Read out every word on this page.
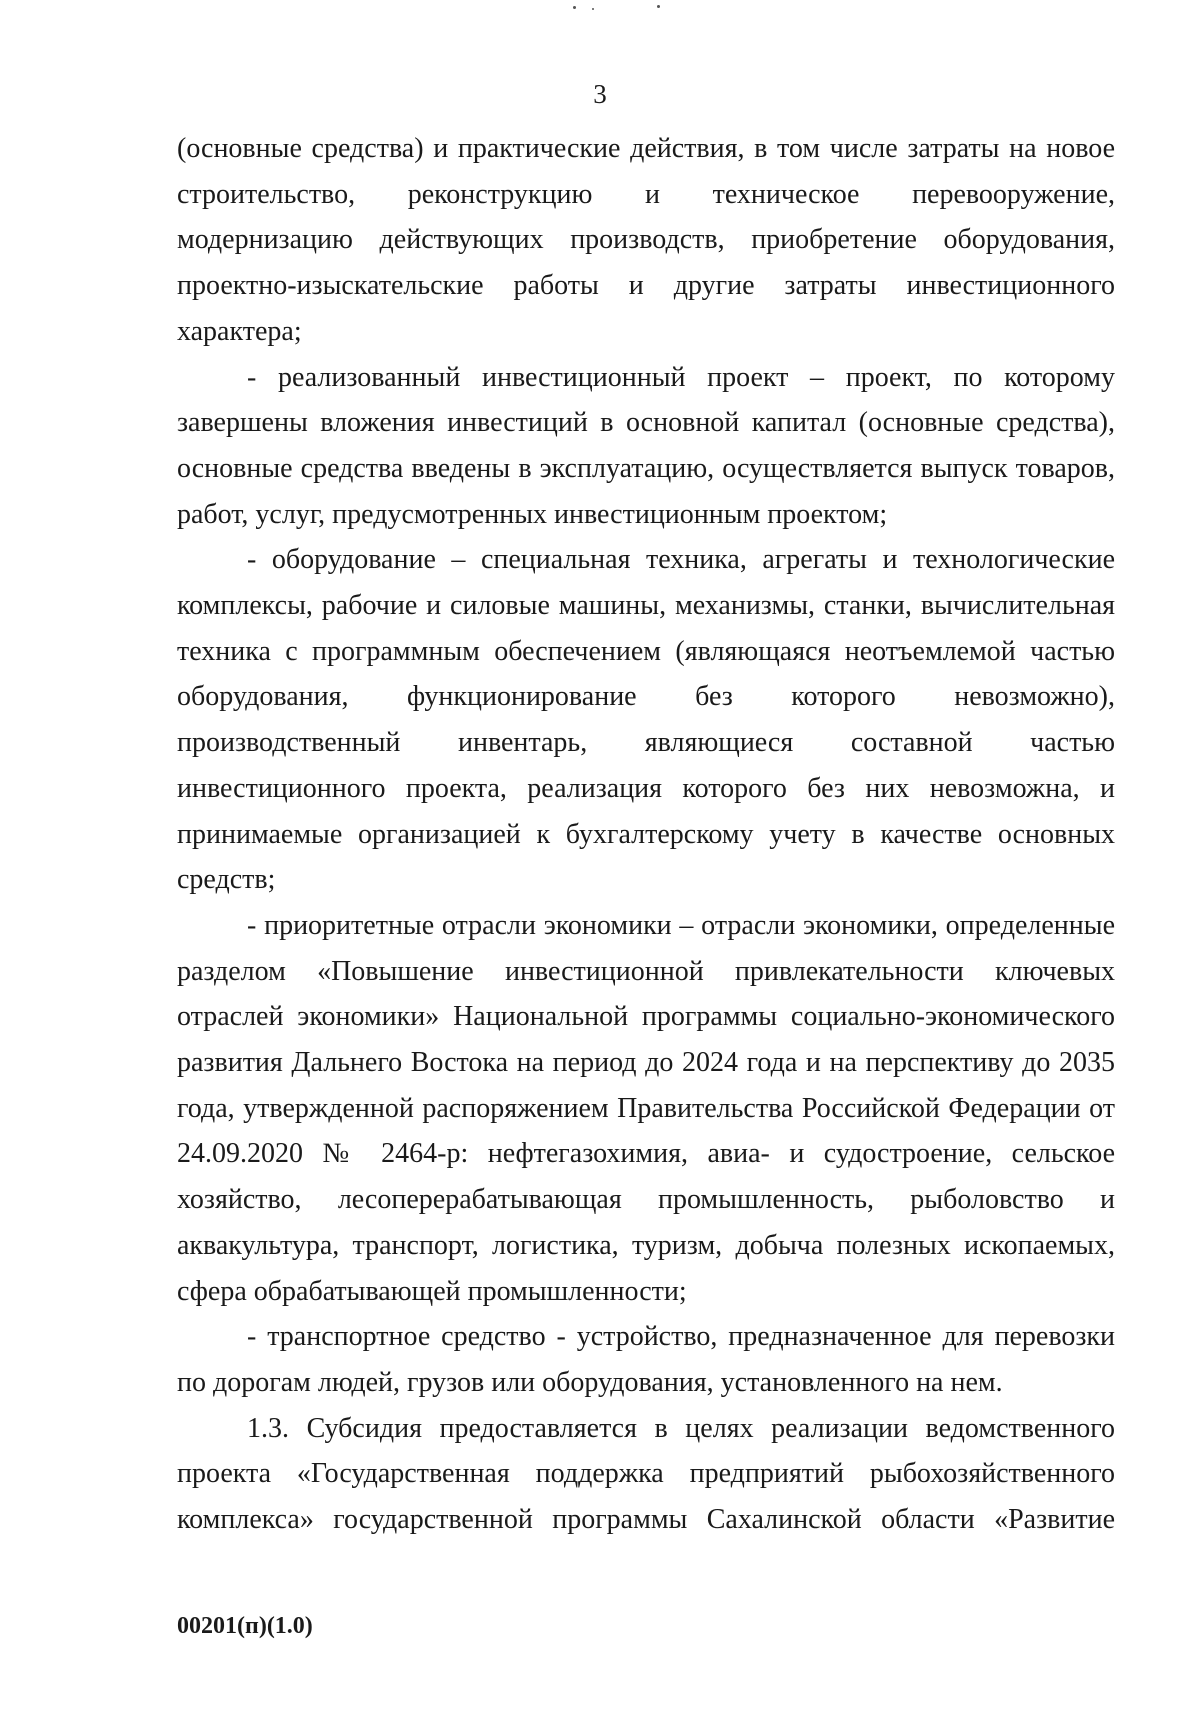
3

(основные средства) и практические действия, в том числе затраты на новое строительство, реконструкцию и техническое перевооружение, модернизацию действующих производств, приобретение оборудования, проектно-изыскательские работы и другие затраты инвестиционного характера;

- реализованный инвестиционный проект – проект, по которому завершены вложения инвестиций в основной капитал (основные средства), основные средства введены в эксплуатацию, осуществляется выпуск товаров, работ, услуг, предусмотренных инвестиционным проектом;

- оборудование – специальная техника, агрегаты и технологические комплексы, рабочие и силовые машины, механизмы, станки, вычислительная техника с программным обеспечением (являющаяся неотъемлемой частью оборудования, функционирование без которого невозможно), производственный инвентарь, являющиеся составной частью инвестиционного проекта, реализация которого без них невозможна, и принимаемые организацией к бухгалтерскому учету в качестве основных средств;

- приоритетные отрасли экономики – отрасли экономики, определенные разделом «Повышение инвестиционной привлекательности ключевых отраслей экономики» Национальной программы социально-экономического развития Дальнего Востока на период до 2024 года и на перспективу до 2035 года, утвержденной распоряжением Правительства Российской Федерации от 24.09.2020 № 2464-р: нефтегазохимия, авиа- и судостроение, сельское хозяйство, лесоперерабатывающая промышленность, рыболовство и аквакультура, транспорт, логистика, туризм, добыча полезных ископаемых, сфера обрабатывающей промышленности;

- транспортное средство - устройство, предназначенное для перевозки по дорогам людей, грузов или оборудования, установленного на нем.

1.3. Субсидия предоставляется в целях реализации ведомственного проекта «Государственная поддержка предприятий рыбохозяйственного комплекса» государственной программы Сахалинской области «Развитие

00201(п)(1.0)
